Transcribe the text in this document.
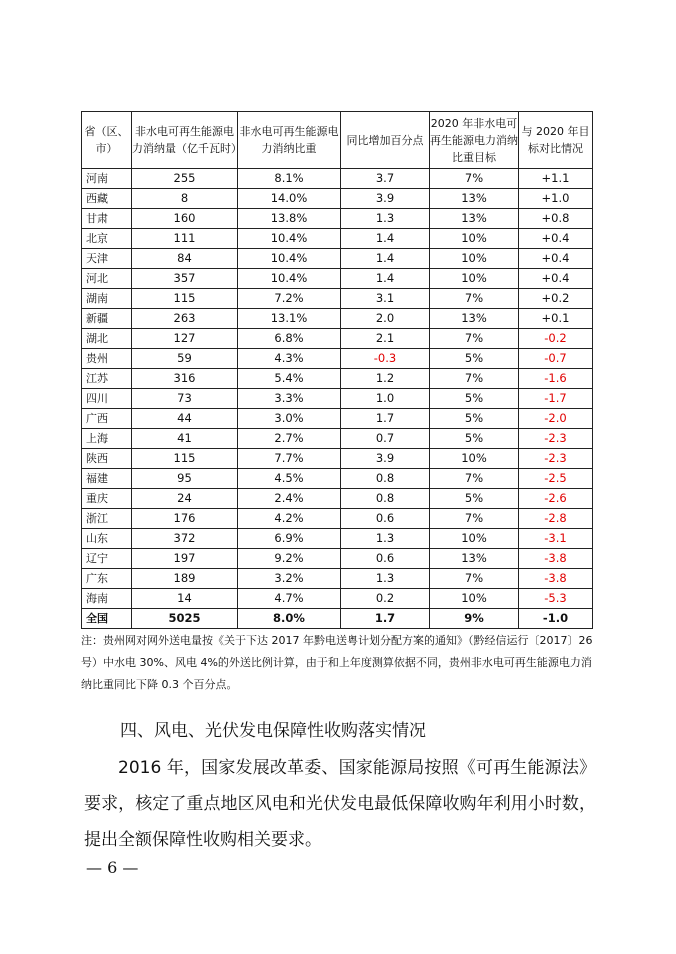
省（区、市）	非水电可再生能源电力消纳量（亿千瓦时）	非水电可再生能源电力消纳比重	同比增加百分点	2020 年非水电可再生能源电力消纳比重目标	与 2020 年目标对比情况
河南	255	8.1%	3.7	7%	+1.1
西藏	8	14.0%	3.9	13%	+1.0
甘肃	160	13.8%	1.3	13%	+0.8
北京	111	10.4%	1.4	10%	+0.4
天津	84	10.4%	1.4	10%	+0.4
河北	357	10.4%	1.4	10%	+0.4
湖南	115	7.2%	3.1	7%	+0.2
新疆	263	13.1%	2.0	13%	+0.1
湖北	127	6.8%	2.1	7%	-0.2
贵州	59	4.3%	-0.3	5%	-0.7
江苏	316	5.4%	1.2	7%	-1.6
四川	73	3.3%	1.0	5%	-1.7
广西	44	3.0%	1.7	5%	-2.0
上海	41	2.7%	0.7	5%	-2.3
陕西	115	7.7%	3.9	10%	-2.3
福建	95	4.5%	0.8	7%	-2.5
重庆	24	2.4%	0.8	5%	-2.6
浙江	176	4.2%	0.6	7%	-2.8
山东	372	6.9%	1.3	10%	-3.1
辽宁	197	9.2%	0.6	13%	-3.8
广东	189	3.2%	1.3	7%	-3.8
海南	14	4.7%	0.2	10%	-5.3
全国	5025	8.0%	1.7	9%	-1.0
注：贵州网对网外送电量按《关于下达 2017 年黔电送粤计划分配方案的通知》（黔经信运行〔2017〕26 号）中水电 30%、风电 4%的外送比例计算，由于和上年度测算依据不同，贵州非水电可再生能源电力消纳比重同比下降 0.3 个百分点。
四、风电、光伏发电保障性收购落实情况
2016 年，国家发展改革委、国家能源局按照《可再生能源法》要求，核定了重点地区风电和光伏发电最低保障收购年利用小时数，提出全额保障性收购相关要求。
— 6 —
